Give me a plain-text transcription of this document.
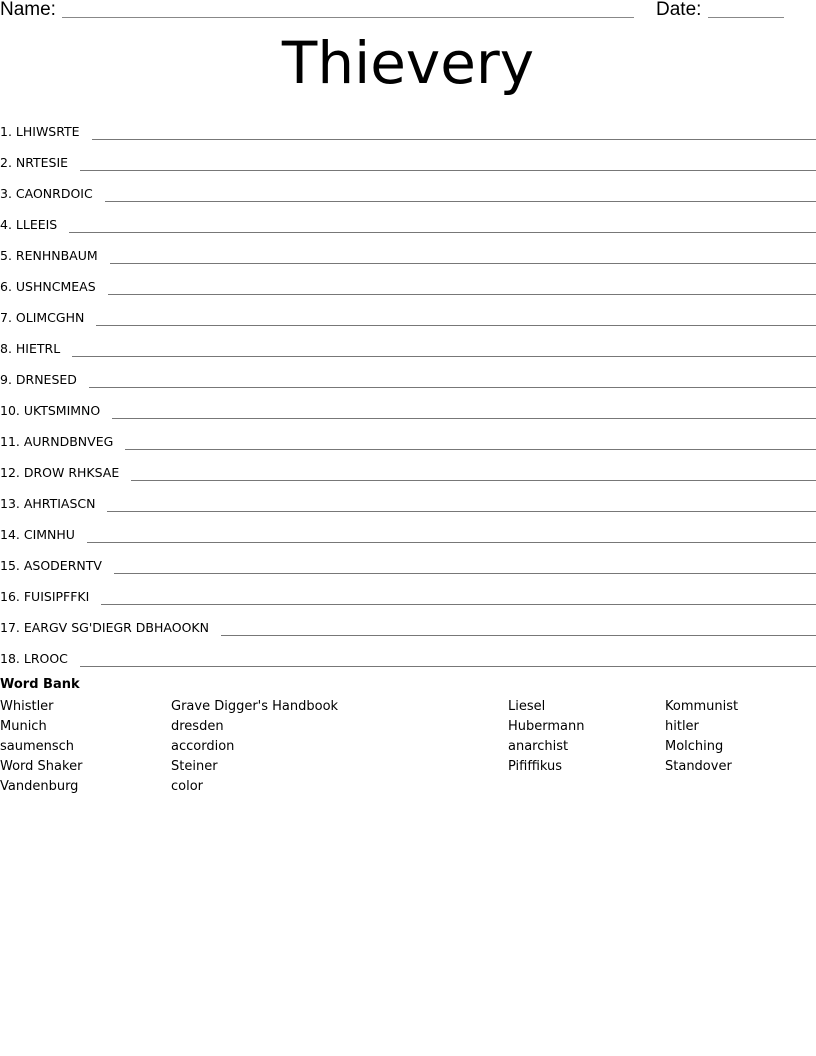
Name:	Date:
Thievery
1. LHIWSRTE
2. NRTESIE
3. CAONRDOIC
4. LLEEIS
5. RENHNBAUM
6. USHNCMEAS
7. OLIMCGHN
8. HIETRL
9. DRNESED
10. UKTSMIMNO
11. AURNDBNVEG
12. DROW RHKSAE
13. AHRTIASCN
14. CIMNHU
15. ASODERNTV
16. FUISIPFFKI
17. EARGV SG'DIEGR DBHAOOKN
18. LROOC
Word Bank
Whistler
Munich
saumensch
Word Shaker
Vandenburg
Grave Digger's Handbook
dresden
accordion
Steiner
color
Liesel
Hubermann
anarchist
Pififfikus
Kommunist
hitler
Molching
Standover
